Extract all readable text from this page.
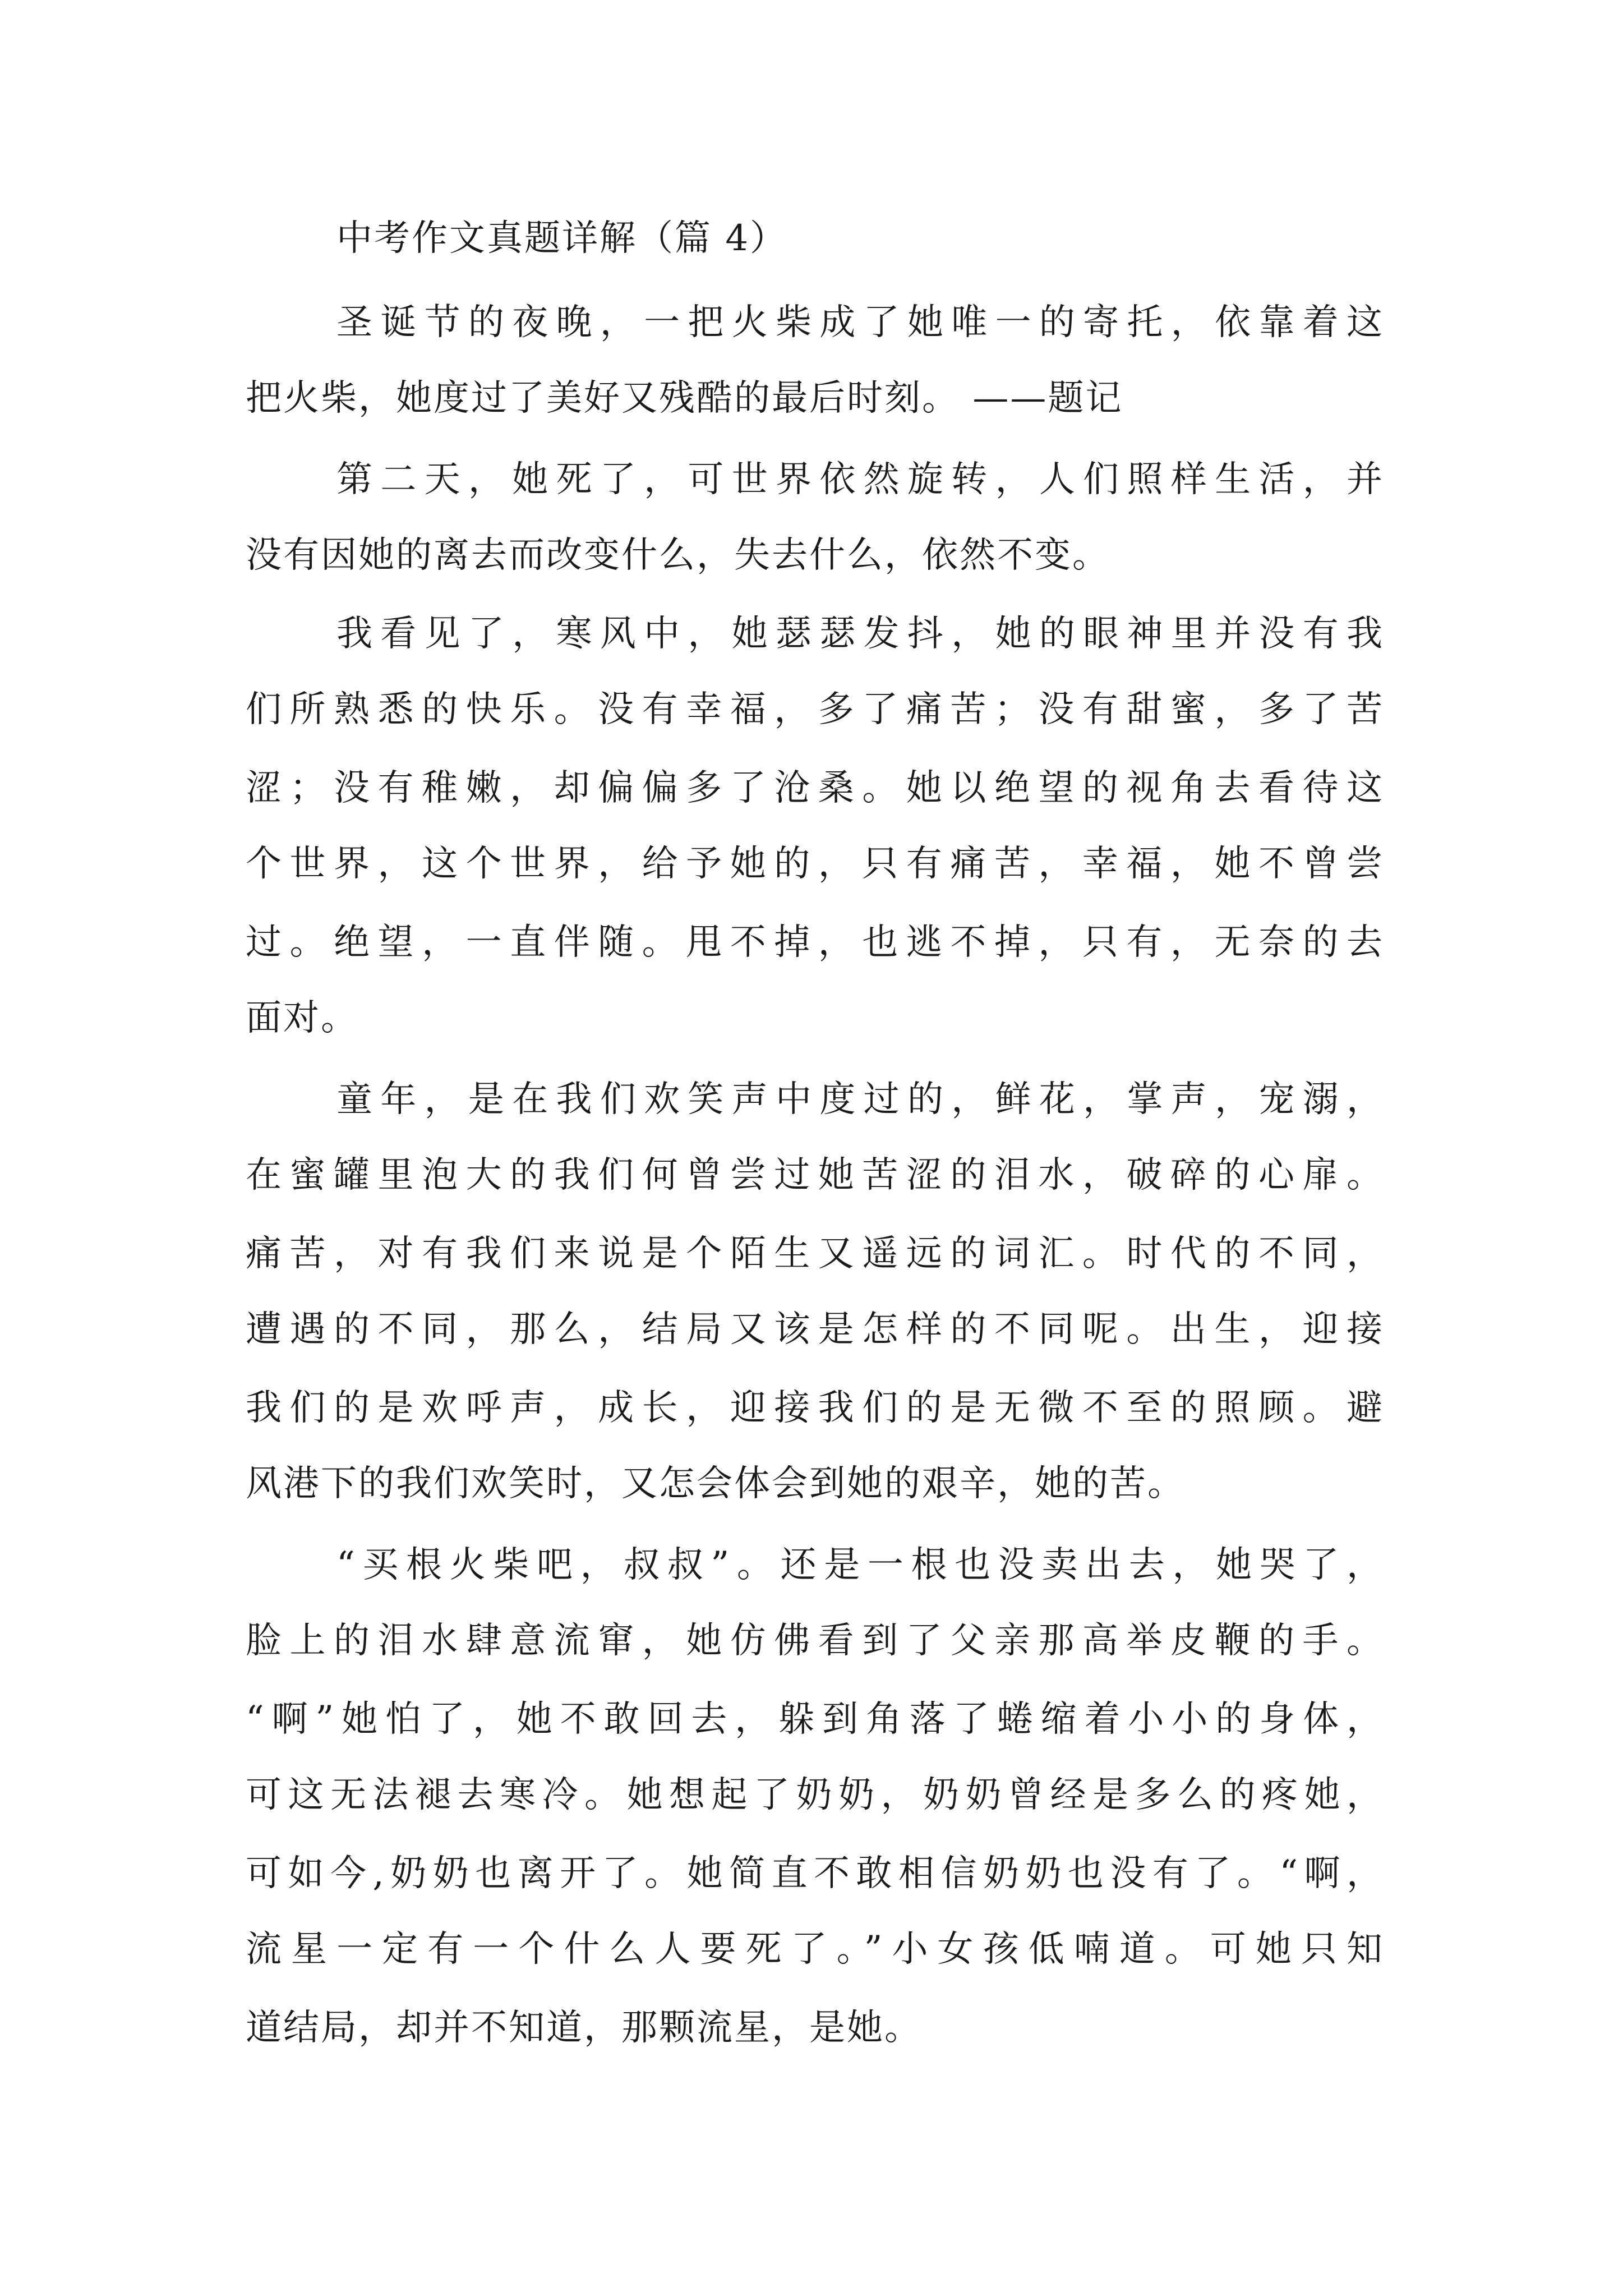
中考作文真题详解（篇 4）
圣诞节的夜晚，一把火柴成了她唯一的寄托，依靠着这
把火柴，她度过了美好又残酷的最后时刻。 ——题记
第二天，她死了，可世界依然旋转，人们照样生活，并
没有因她的离去而改变什么，失去什么，依然不变。
我看见了，寒风中，她瑟瑟发抖，她的眼神里并没有我
们所熟悉的快乐。没有幸福，多了痛苦；没有甜蜜，多了苦
涩；没有稚嫩，却偏偏多了沧桑。她以绝望的视角去看待这
个世界，这个世界，给予她的，只有痛苦，幸福，她不曾尝
过。绝望，一直伴随。甩不掉，也逃不掉，只有，无奈的去
面对。
童年，是在我们欢笑声中度过的，鲜花，掌声，宠溺，
在蜜罐里泡大的我们何曾尝过她苦涩的泪水，破碎的心扉。
痛苦，对有我们来说是个陌生又遥远的词汇。时代的不同，
遭遇的不同，那么，结局又该是怎样的不同呢。出生，迎接
我们的是欢呼声，成长，迎接我们的是无微不至的照顾。避
风港下的我们欢笑时，又怎会体会到她的艰辛，她的苦。
“买根火柴吧，叔叔”。还是一根也没卖出去，她哭了，
脸上的泪水肆意流窜，她仿佛看到了父亲那高举皮鞭的手。
“啊”她怕了，她不敢回去，躲到角落了蜷缩着小小的身体，
可这无法褪去寒冷。她想起了奶奶，奶奶曾经是多么的疼她，
可如今,奶奶也离开了。她简直不敢相信奶奶也没有了。“啊，
流星一定有一个什么人要死了。”小女孩低喃道。可她只知
道结局，却并不知道，那颗流星，是她。
